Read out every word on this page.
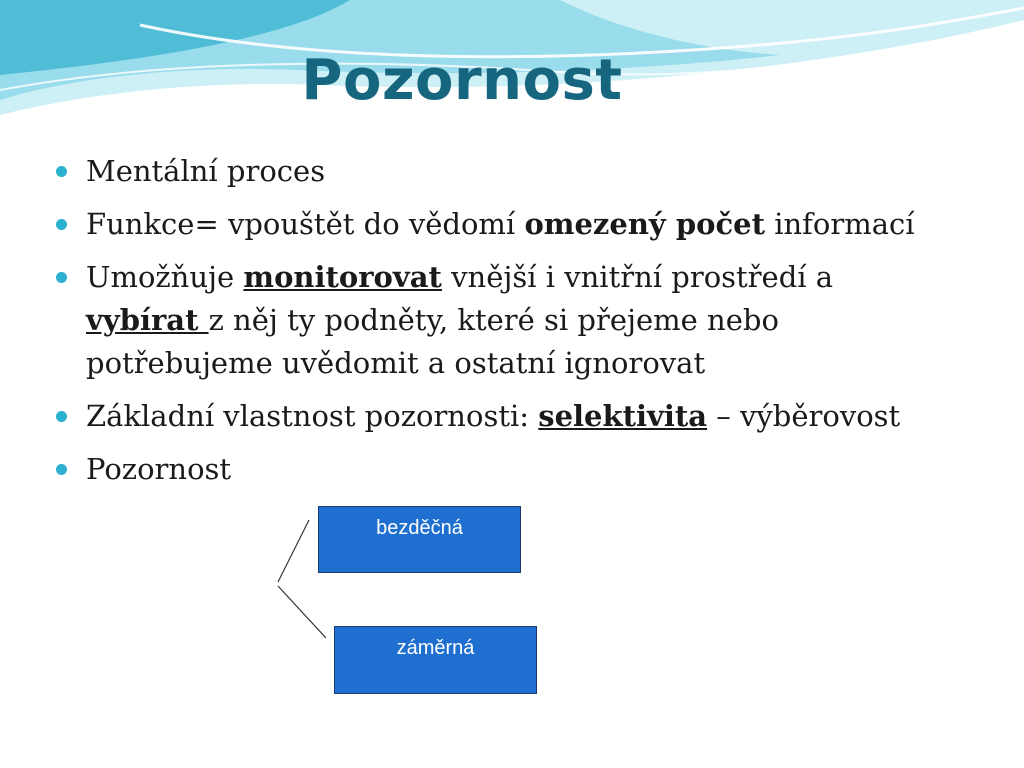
Pozornost
Mentální proces
Funkce= vpouštět do vědomí omezený počet informací
Umožňuje monitorovat vnější i vnitřní prostředí a vybírat z něj ty podněty, které si přejeme nebo potřebujeme uvědomit a ostatní ignorovat
Základní vlastnost pozornosti: selektivita – výběrovost
Pozornost
bezděčná
záměrná
